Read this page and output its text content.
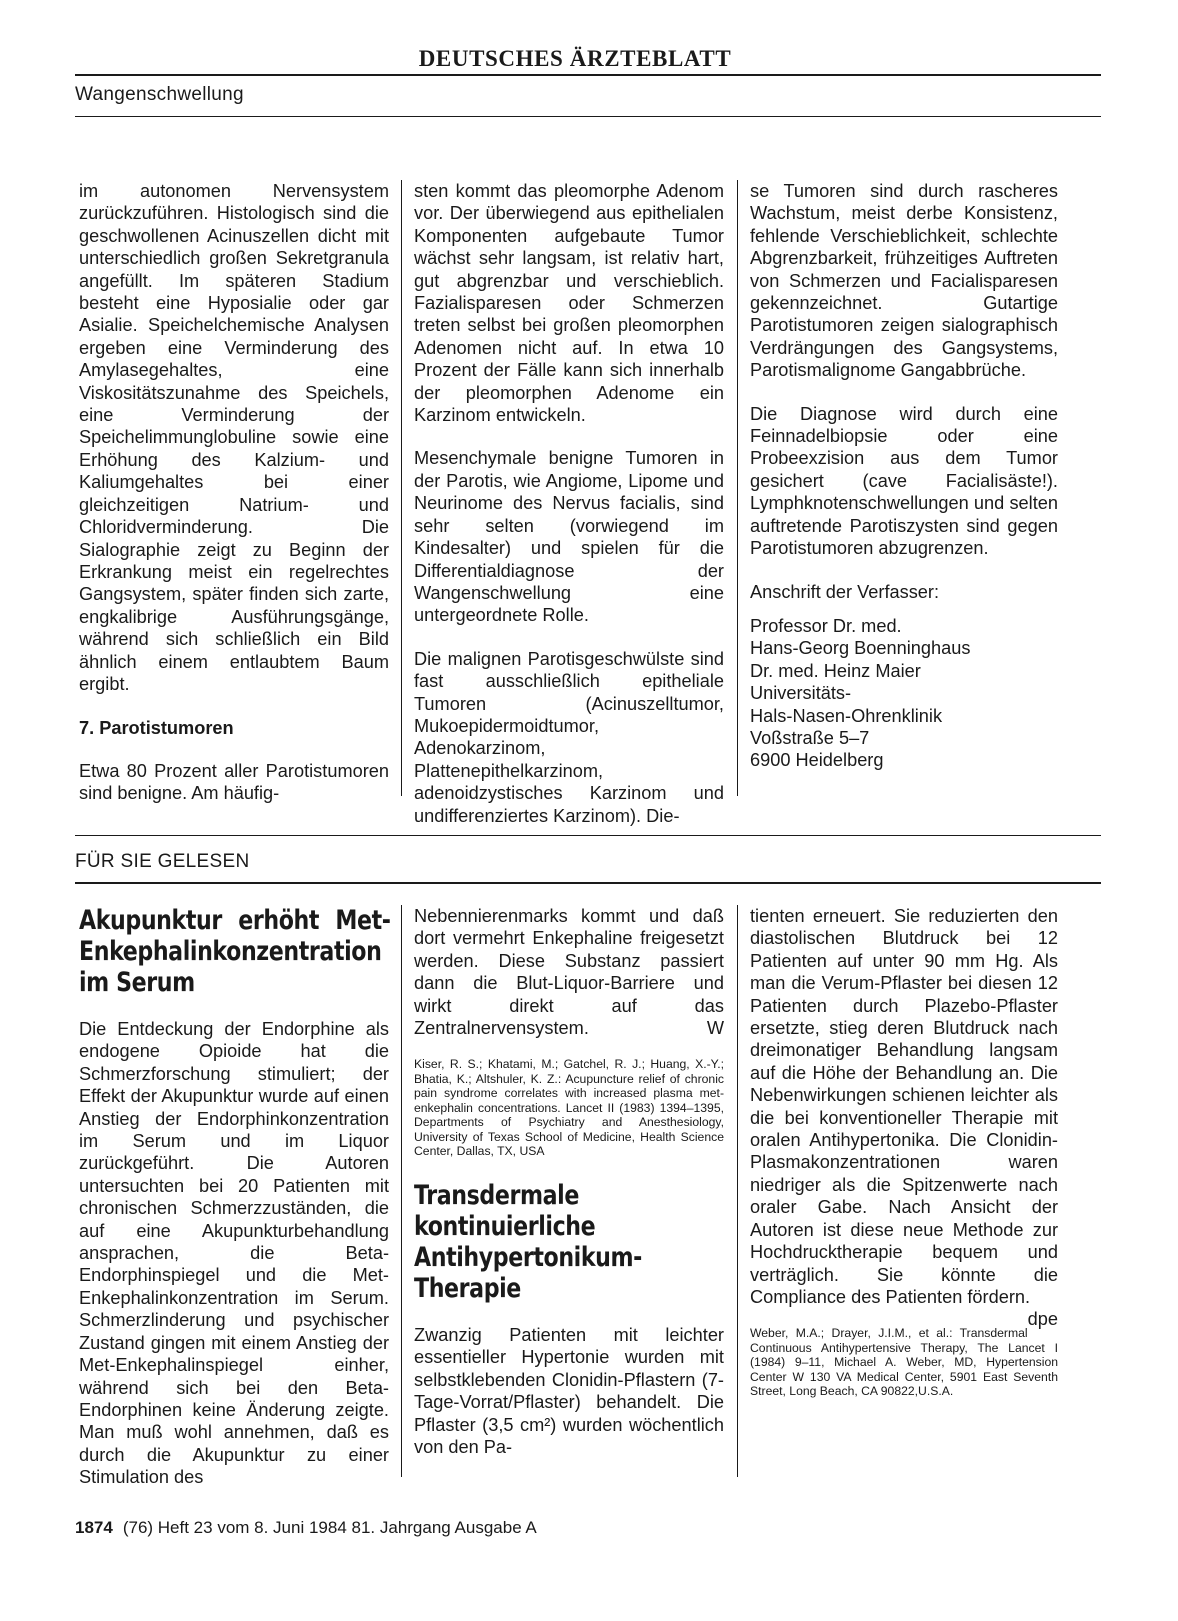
DEUTSCHES ÄRZTEBLATT
Wangenschwellung

im autonomen Nervensystem zurückzuführen. Histologisch sind die geschwollenen Acinuszellen dicht mit unterschiedlich großen Sekretgranula angefüllt. Im späteren Stadium besteht eine Hyposialie oder gar Asialie. Speichelchemische Analysen ergeben eine Verminderung des Amylasegehaltes, eine Viskositätszunahme des Speichels, eine Verminderung der Speichelimmunglobuline sowie eine Erhöhung des Kalzium- und Kaliumgehaltes bei einer gleichzeitigen Natrium- und Chloridverminderung. Die Sialographie zeigt zu Beginn der Erkrankung meist ein regelrechtes Gangsystem, später finden sich zarte, engkalibrige Ausführungsgänge, während sich schließlich ein Bild ähnlich einem entlaubtem Baum ergibt.

7. Parotistumoren

Etwa 80 Prozent aller Parotistumoren sind benigne. Am häufig-

sten kommt das pleomorphe Adenom vor. Der überwiegend aus epithelialen Komponenten aufgebaute Tumor wächst sehr langsam, ist relativ hart, gut abgrenzbar und verschieblich. Fazialisparesen oder Schmerzen treten selbst bei großen pleomorphen Adenomen nicht auf. In etwa 10 Prozent der Fälle kann sich innerhalb der pleomorphen Adenome ein Karzinom entwickeln.

Mesenchymale benigne Tumoren in der Parotis, wie Angiome, Lipome und Neurinome des Nervus facialis, sind sehr selten (vorwiegend im Kindesalter) und spielen für die Differentialdiagnose der Wangenschwellung eine untergeordnete Rolle.

Die malignen Parotisgeschwülste sind fast ausschließlich epitheliale Tumoren (Acinuszelltumor, Mukoepidermoidtumor, Adenokarzinom, Plattenepithelkarzinom, adenoidzystisches Karzinom und undifferenziertes Karzinom). Die-

se Tumoren sind durch rascheres Wachstum, meist derbe Konsistenz, fehlende Verschieblichkeit, schlechte Abgrenzbarkeit, frühzeitiges Auftreten von Schmerzen und Facialisparesen gekennzeichnet. Gutartige Parotistumoren zeigen sialographisch Verdrängungen des Gangsystems, Parotismalignome Gangabbrüche.

Die Diagnose wird durch eine Feinnadelbiopsie oder eine Probeexzision aus dem Tumor gesichert (cave Facialisäste!). Lymphknotenschwellungen und selten auftretende Parotiszysten sind gegen Parotistumoren abzugrenzen.

Anschrift der Verfasser:

Professor Dr. med.
Hans-Georg Boenninghaus
Dr. med. Heinz Maier
Universitäts-
Hals-Nasen-Ohrenklinik
Voßstraße 5–7
6900 Heidelberg
FÜR SIE GELESEN
Akupunktur erhöht Met-Enkephalinkonzentration im Serum

Die Entdeckung der Endorphine als endogene Opioide hat die Schmerzforschung stimuliert; der Effekt der Akupunktur wurde auf einen Anstieg der Endorphinkonzentration im Serum und im Liquor zurückgeführt. Die Autoren untersuchten bei 20 Patienten mit chronischen Schmerzzuständen, die auf eine Akupunkturbehandlung ansprachen, die Beta-Endorphinspiegel und die Met-Enkephalinkonzentration im Serum. Schmerzlinderung und psychischer Zustand gingen mit einem Anstieg der Met-Enkephalinspiegel einher, während sich bei den Beta-Endorphinen keine Änderung zeigte. Man muß wohl annehmen, daß es durch die Akupunktur zu einer Stimulation des

Nebennierenmarks kommt und daß dort vermehrt Enkephaline freigesetzt werden. Diese Substanz passiert dann die Blut-Liquor-Barriere und wirkt direkt auf das Zentralnervensystem.	W

Kiser, R. S.; Khatami, M.; Gatchel, R. J.; Huang, X.-Y.; Bhatia, K.; Altshuler, K. Z.: Acupuncture relief of chronic pain syndrome correlates with increased plasma met-enkephalin concentrations. Lancet II (1983) 1394–1395, Departments of Psychiatry and Anesthesiology, University of Texas School of Medicine, Health Science Center, Dallas, TX, USA

Transdermale kontinuierliche Antihypertonikum-Therapie

Zwanzig Patienten mit leichter essentieller Hypertonie wurden mit selbstklebenden Clonidin-Pflastern (7-Tage-Vorrat/Pflaster) behandelt. Die Pflaster (3,5 cm²) wurden wöchentlich von den Pa-

tienten erneuert. Sie reduzierten den diastolischen Blutdruck bei 12 Patienten auf unter 90 mm Hg. Als man die Verum-Pflaster bei diesen 12 Patienten durch Plazebo-Pflaster ersetzte, stieg deren Blutdruck nach dreimonatiger Behandlung langsam auf die Höhe der Behandlung an. Die Nebenwirkungen schienen leichter als die bei konventioneller Therapie mit oralen Antihypertonika. Die Clonidin-Plasmakonzentrationen waren niedriger als die Spitzenwerte nach oraler Gabe. Nach Ansicht der Autoren ist diese neue Methode zur Hochdrucktherapie bequem und verträglich. Sie könnte die Compliance des Patienten fördern.
dpe

Weber, M.A.; Drayer, J.I.M., et al.: Transdermal Continuous Antihypertensive Therapy, The Lancet I (1984) 9–11, Michael A. Weber, MD, Hypertension Center W 130 VA Medical Center, 5901 East Seventh Street, Long Beach, CA 90822,U.S.A.

1874 (76) Heft 23 vom 8. Juni 1984 81. Jahrgang Ausgabe A
